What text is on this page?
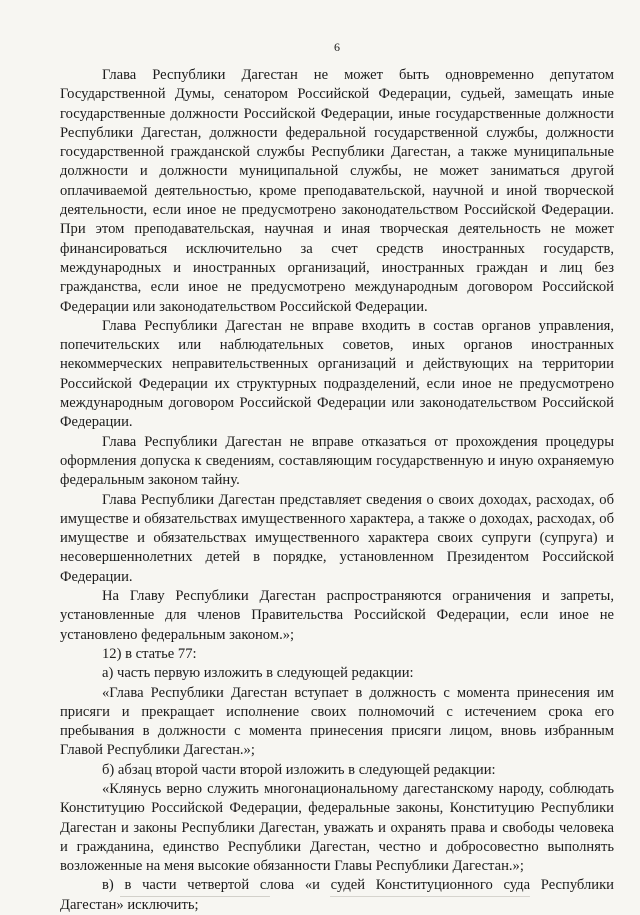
6

Глава Республики Дагестан не может быть одновременно депутатом Государственной Думы, сенатором Российской Федерации, судьей, замещать иные государственные должности Российской Федерации, иные государственные должности Республики Дагестан, должности федеральной государственной службы, должности государственной гражданской службы Республики Дагестан, а также муниципальные должности и должности муниципальной службы, не может заниматься другой оплачиваемой деятельностью, кроме преподавательской, научной и иной творческой деятельности, если иное не предусмотрено законодательством Российской Федерации. При этом преподавательская, научная и иная творческая деятельность не может финансироваться исключительно за счет средств иностранных государств, международных и иностранных организаций, иностранных граждан и лиц без гражданства, если иное не предусмотрено международным договором Российской Федерации или законодательством Российской Федерации.

Глава Республики Дагестан не вправе входить в состав органов управления, попечительских или наблюдательных советов, иных органов иностранных некоммерческих неправительственных организаций и действующих на территории Российской Федерации их структурных подразделений, если иное не предусмотрено международным договором Российской Федерации или законодательством Российской Федерации.

Глава Республики Дагестан не вправе отказаться от прохождения процедуры оформления допуска к сведениям, составляющим государственную и иную охраняемую федеральным законом тайну.

Глава Республики Дагестан представляет сведения о своих доходах, расходах, об имуществе и обязательствах имущественного характера, а также о доходах, расходах, об имуществе и обязательствах имущественного характера своих супруги (супруга) и несовершеннолетних детей в порядке, установленном Президентом Российской Федерации.

На Главу Республики Дагестан распространяются ограничения и запреты, установленные для членов Правительства Российской Федерации, если иное не установлено федеральным законом.»;

12) в статье 77:

а) часть первую изложить в следующей редакции:

«Глава Республики Дагестан вступает в должность с момента принесения им присяги и прекращает исполнение своих полномочий с истечением срока его пребывания в должности с момента принесения присяги лицом, вновь избранным Главой Республики Дагестан.»;

б) абзац второй части второй изложить в следующей редакции:

«Клянусь верно служить многонациональному дагестанскому народу, соблюдать Конституцию Российской Федерации, федеральные законы, Конституцию Республики Дагестан и законы Республики Дагестан, уважать и охранять права и свободы человека и гражданина, единство Республики Дагестан, честно и добросовестно выполнять возложенные на меня высокие обязанности Главы Республики Дагестан.»;

в) в части четвертой слова «и судей Конституционного суда Республики Дагестан» исключить;
